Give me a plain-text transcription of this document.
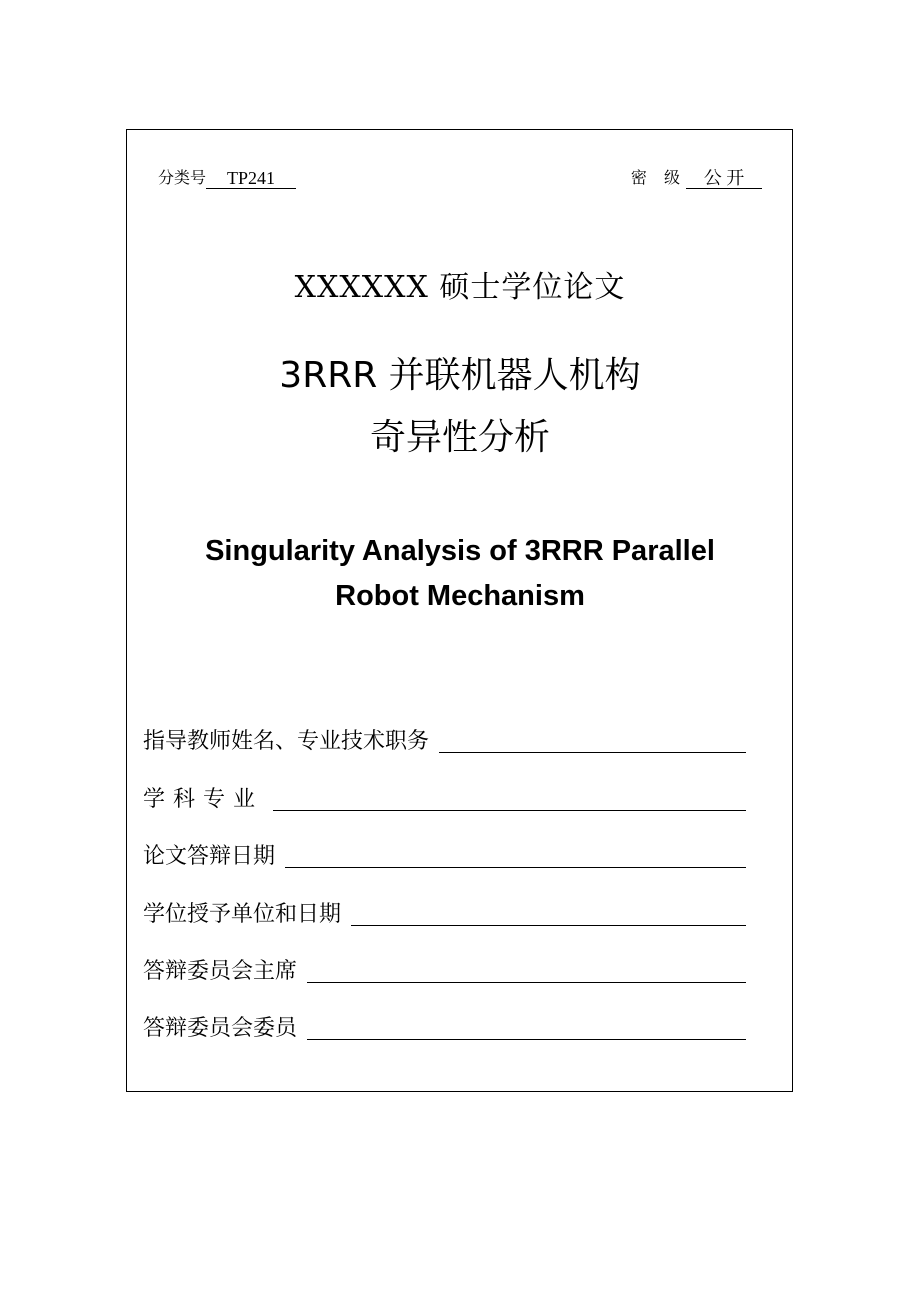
分类号	TP241	密 级 公 开
XXXXXX 硕士学位论文
3RRR 并联机器人机构
奇异性分析
Singularity Analysis of 3RRR Parallel
Robot Mechanism
指导教师姓名、专业技术职务
学科专业
论文答辩日期
学位授予单位和日期
答辩委员会主席
答辩委员会委员
